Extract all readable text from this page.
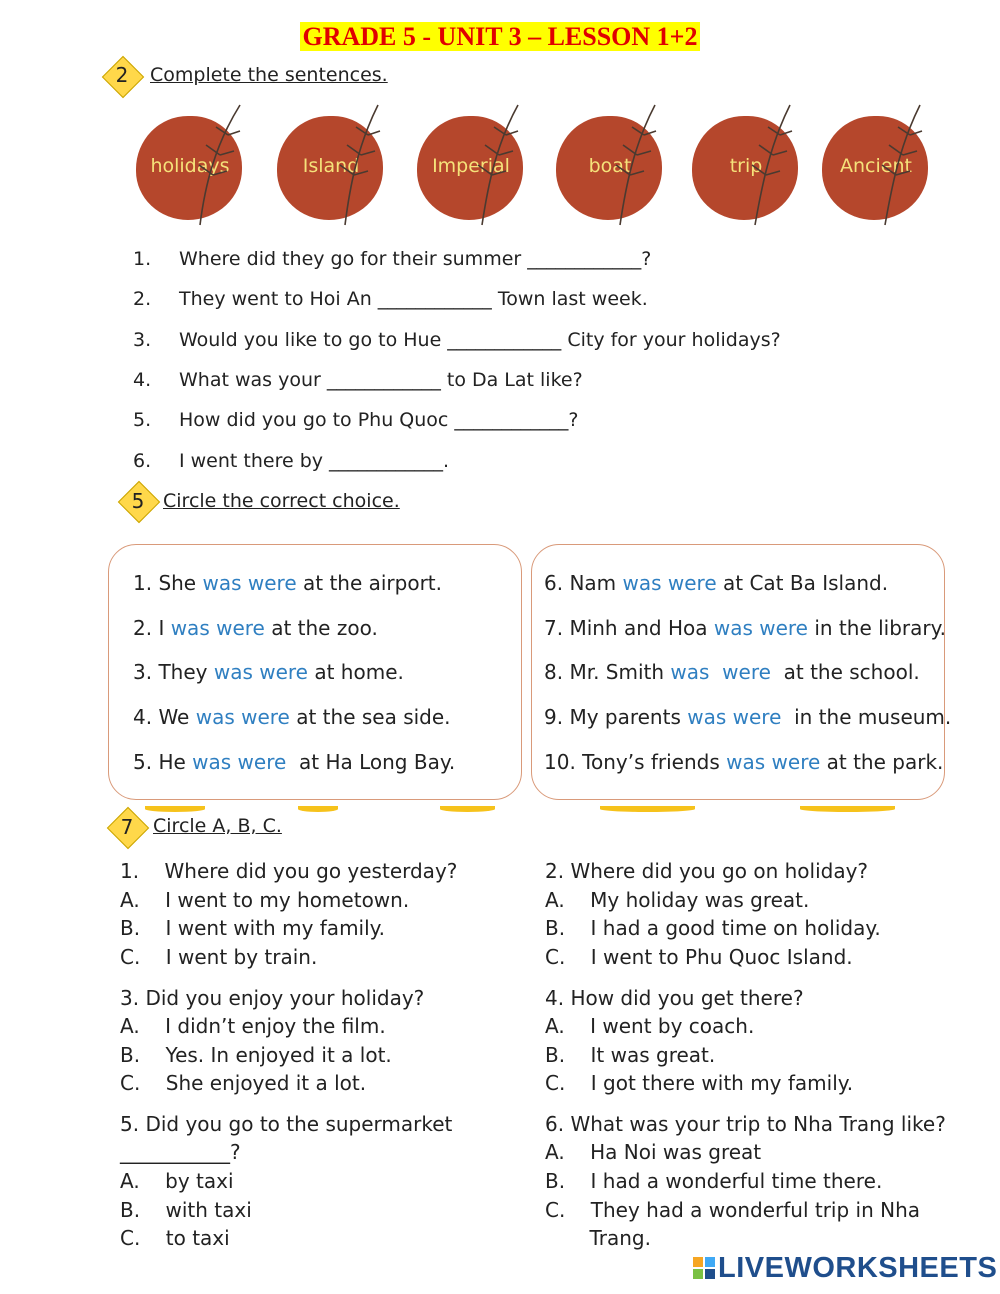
GRADE 5 - UNIT 3 – LESSON 1+2
2	Complete the sentences.
holidays	Island	Imperial	boat	trip	Ancient
1. Where did they go for their summer ____________?
2. They went to Hoi An ____________ Town last week.
3. Would you like to go to Hue ____________ City for your holidays?
4. What was your ____________ to Da Lat like?
5. How did you go to Phu Quoc ____________?
6. I went there by ____________.
5 Circle the correct choice.
1. She was were at the airport.
2. I was were at the zoo.
3. They was were at home.
4. We was were at the sea side.
5. He was were  at Ha Long Bay.
6. Nam was were at Cat Ba Island.
7. Minh and Hoa was were in the library.
8. Mr. Smith was  were  at the school.
9. My parents was were  in the museum.
10. Tony’s friends was were at the park.
7	Circle A, B, C.
1.    Where did you go yesterday?
A.    I went to my hometown.
B.    I went with my family.
C.    I went by train.
2. Where did you go on holiday?
A.    My holiday was great.
B.    I had a good time on holiday.
C.    I went to Phu Quoc Island.
3. Did you enjoy your holiday?
A.    I didn’t enjoy the film.
B.    Yes. In enjoyed it a lot.
C.    She enjoyed it a lot.
4. How did you get there?
A.    I went by coach.
B.    It was great.
C.    I got there with my family.
5. Did you go to the supermarket
___________?
A.    by taxi
B.    with taxi
C.    to taxi
6. What was your trip to Nha Trang like?
A.    Ha Noi was great
B.    I had a wonderful time there.
C.    They had a wonderful trip in Nha
Trang.
LIVEWORKSHEETS
